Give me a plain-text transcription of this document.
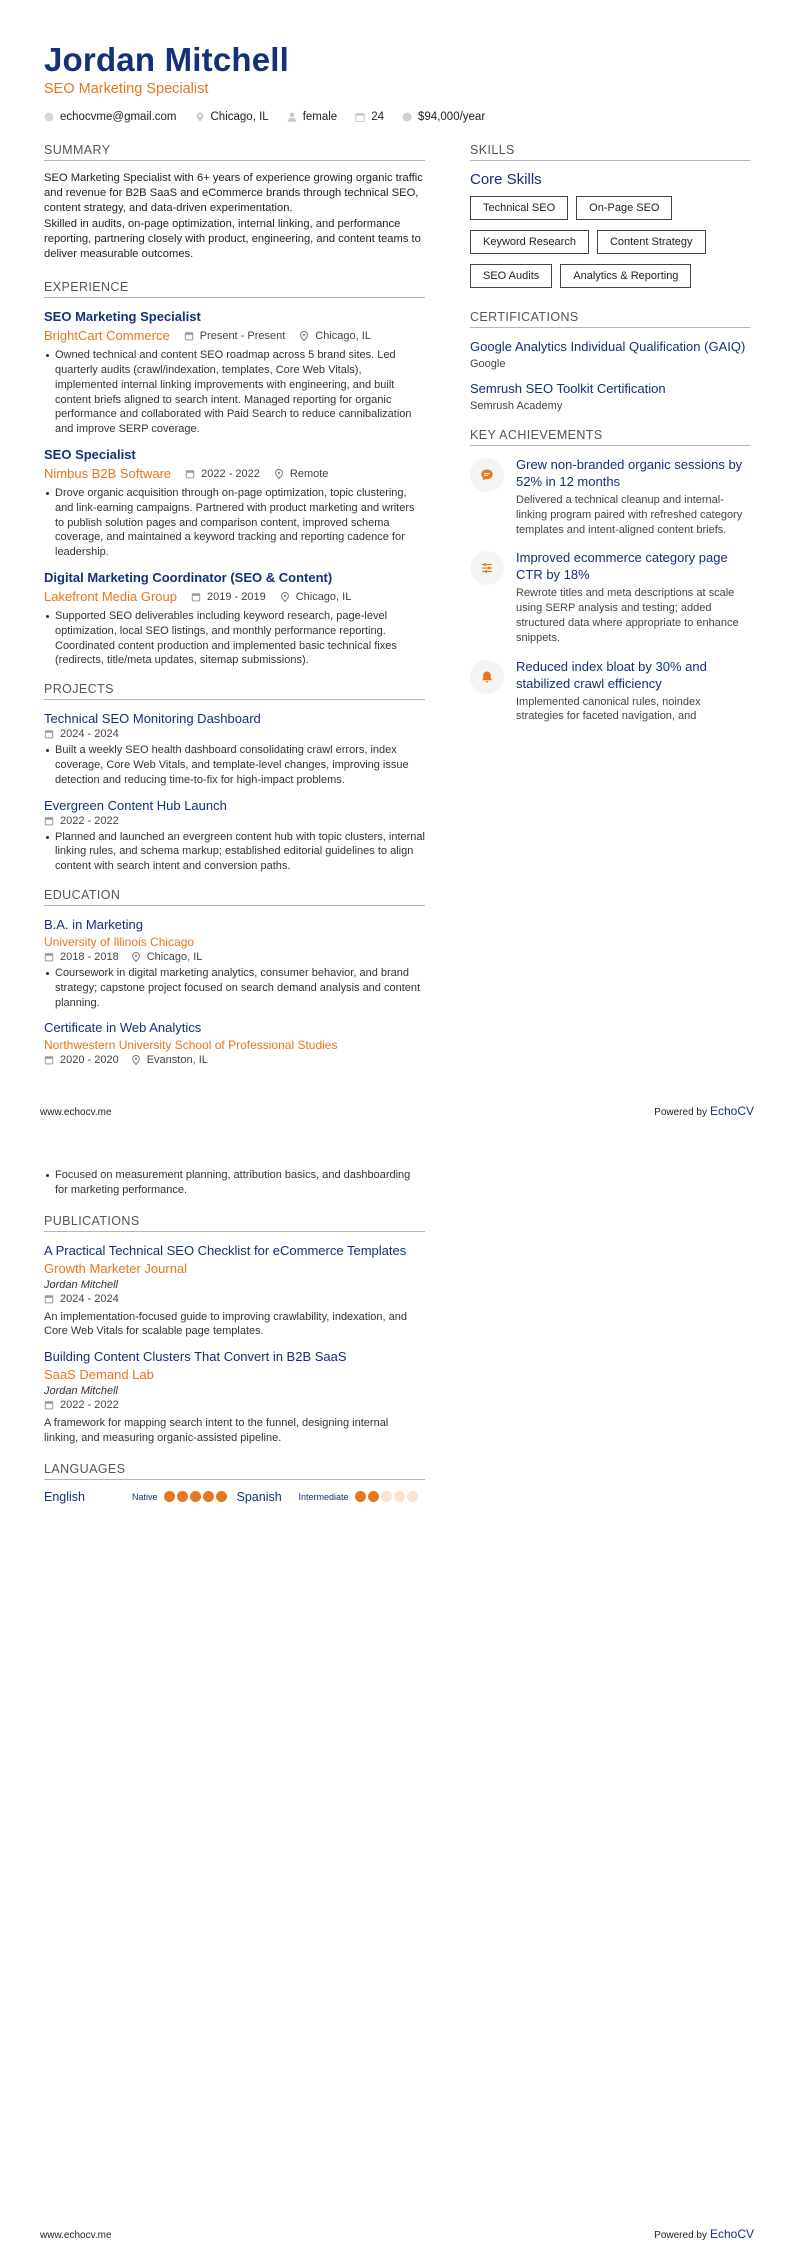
Jordan Mitchell
SEO Marketing Specialist
echocvme@gmail.com	Chicago, IL	female	24	$94,000/year
SUMMARY

SEO Marketing Specialist with 6+ years of experience growing organic traffic and revenue for B2B SaaS and eCommerce brands through technical SEO, content strategy, and data-driven experimentation.

Skilled in audits, on-page optimization, internal linking, and performance reporting, partnering closely with product, engineering, and content teams to deliver measurable outcomes.

EXPERIENCE
SEO Marketing Specialist
BrightCart Commerce	Present - Present	Chicago, IL
Owned technical and content SEO roadmap across 5 brand sites. Led quarterly audits (crawl/indexation, templates, Core Web Vitals), implemented internal linking improvements with engineering, and built content briefs aligned to search intent. Managed reporting for organic performance and collaborated with Paid Search to reduce cannibalization and improve SERP coverage.
SEO Specialist
Nimbus B2B Software	2022 - 2022	Remote
Drove organic acquisition through on-page optimization, topic clustering, and link-earning campaigns. Partnered with product marketing and writers to publish solution pages and comparison content, improved schema coverage, and maintained a keyword tracking and reporting cadence for leadership.
Digital Marketing Coordinator (SEO & Content)
Lakefront Media Group	2019 - 2019	Chicago, IL
Supported SEO deliverables including keyword research, page-level optimization, local SEO listings, and monthly performance reporting. Coordinated content production and implemented basic technical fixes (redirects, title/meta updates, sitemap submissions).
PROJECTS
Technical SEO Monitoring Dashboard
2024 - 2024
Built a weekly SEO health dashboard consolidating crawl errors, index coverage, Core Web Vitals, and template-level changes, improving issue detection and reducing time-to-fix for high-impact problems.
Evergreen Content Hub Launch
2022 - 2022
Planned and launched an evergreen content hub with topic clusters, internal linking rules, and schema markup; established editorial guidelines to align content with search intent and conversion paths.
EDUCATION
B.A. in Marketing
University of Illinois Chicago
2018 - 2018	Chicago, IL
Coursework in digital marketing analytics, consumer behavior, and brand strategy; capstone project focused on search demand analysis and content planning.
Certificate in Web Analytics
Northwestern University School of Professional Studies
2020 - 2020	Evanston, IL
SKILLS
Core Skills
Technical SEO	On-Page SEO
Keyword Research	Content Strategy
SEO Audits	Analytics & Reporting
CERTIFICATIONS
Google Analytics Individual Qualification (GAIQ)
Google
Semrush SEO Toolkit Certification
Semrush Academy
KEY ACHIEVEMENTS
Grew non-branded organic sessions by 52% in 12 months
Delivered a technical cleanup and internal-linking program paired with refreshed category templates and intent-aligned content briefs.
Improved ecommerce category page CTR by 18%
Rewrote titles and meta descriptions at scale using SERP analysis and testing; added structured data where appropriate to enhance snippets.
Reduced index bloat by 30% and stabilized crawl efficiency
Implemented canonical rules, noindex strategies for faceted navigation, and
www.echocv.me	Powered by EchoCV
Focused on measurement planning, attribution basics, and dashboarding for marketing performance.
PUBLICATIONS
A Practical Technical SEO Checklist for eCommerce Templates
Growth Marketer Journal
Jordan Mitchell
2024 - 2024

An implementation-focused guide to improving crawlability, indexation, and Core Web Vitals for scalable page templates.

Building Content Clusters That Convert in B2B SaaS
SaaS Demand Lab
Jordan Mitchell
2022 - 2022

A framework for mapping search intent to the funnel, designing internal linking, and measuring organic-assisted pipeline.

LANGUAGES
English	Native	Spanish	Intermediate
www.echocv.me	Powered by EchoCV
